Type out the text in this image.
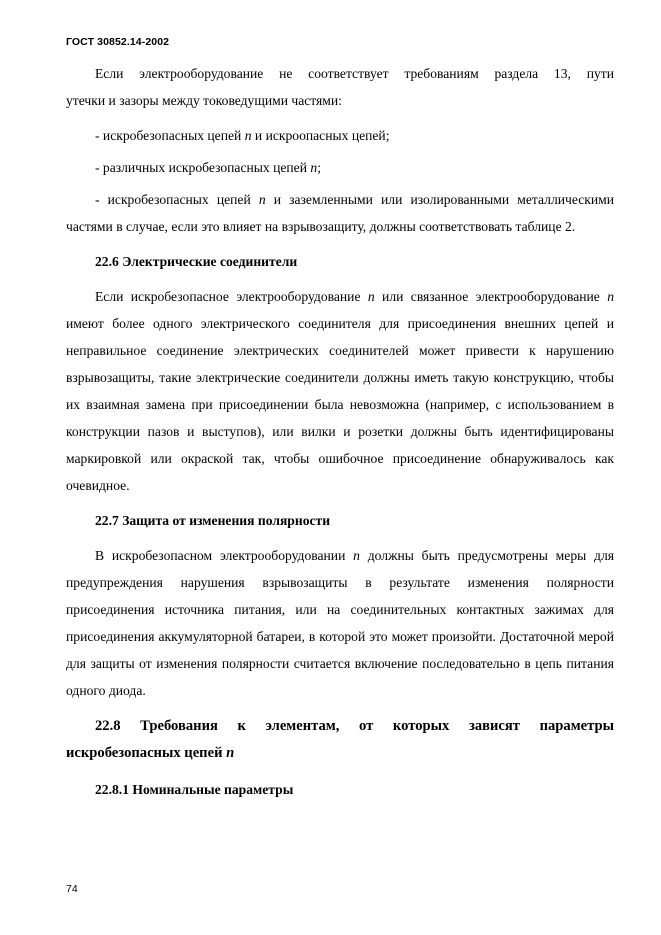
ГОСТ 30852.14-2002

Если электрооборудование не соответствует требованиям раздела 13, пути

утечки и зазоры между токоведущими частями:

- искробезопасных цепей n и искроопасных цепей;

- различных искробезопасных цепей n;

- искробезопасных цепей n и заземленными или изолированными металлическими частями в случае, если это влияет на взрывозащиту, должны соответствовать таблице 2.

22.6 Электрические соединители

Если искробезопасное электрооборудование n или связанное электрооборудование n имеют более одного электрического соединителя для присоединения внешних цепей и неправильное соединение электрических соединителей может привести к нарушению взрывозащиты, такие электрические соединители должны иметь такую конструкцию, чтобы их взаимная замена при присоединении была невозможна (например, с использованием в конструкции пазов и выступов), или вилки и розетки должны быть идентифицированы маркировкой или окраской так, чтобы ошибочное присоединение обнаруживалось как очевидное.

22.7 Защита от изменения полярности

В искробезопасном электрооборудовании n должны быть предусмотрены меры для предупреждения нарушения взрывозащиты в результате изменения полярности присоединения источника питания, или на соединительных контактных зажимах для присоединения аккумуляторной батареи, в которой это может произойти. Достаточной мерой для защиты от изменения полярности считается включение последовательно в цепь питания одного диода.

22.8 Требования к элементам, от которых зависят параметры искробезопасных цепей n

22.8.1 Номинальные параметры
74
